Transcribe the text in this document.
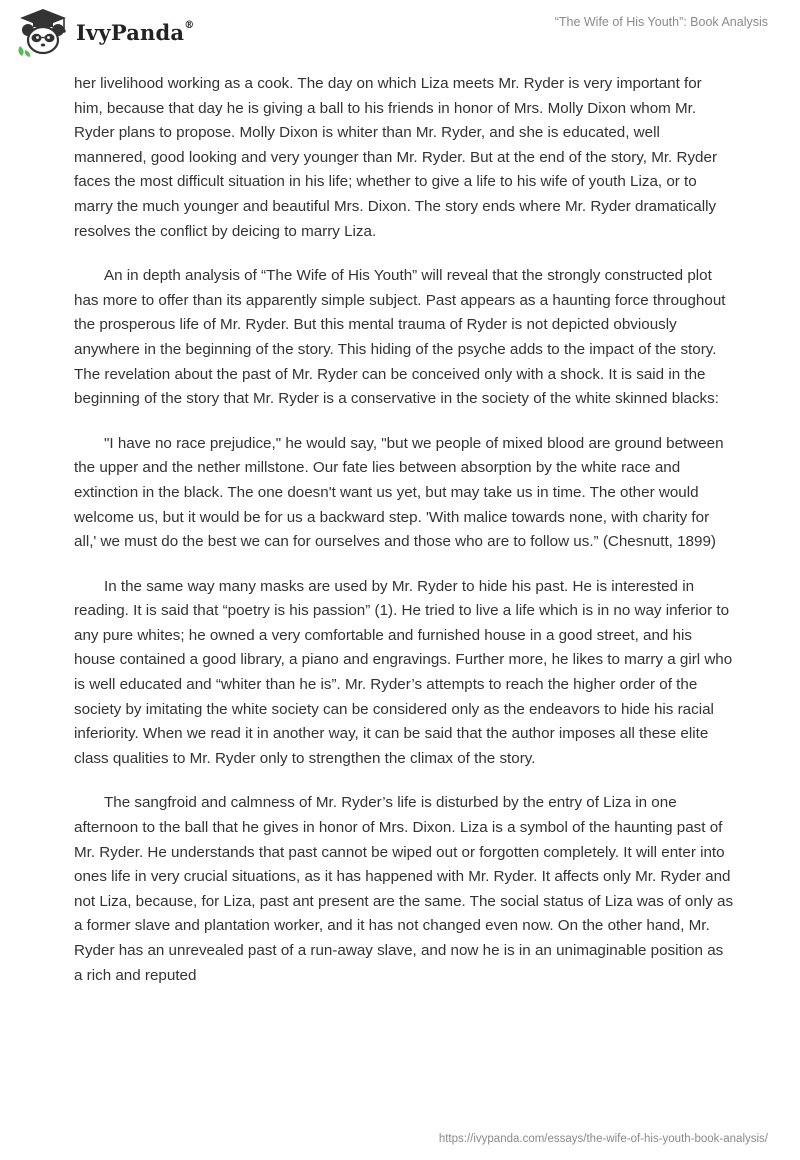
IvyPanda®	“The Wife of His Youth”: Book Analysis

her livelihood working as a cook. The day on which Liza meets Mr. Ryder is very important for him, because that day he is giving a ball to his friends in honor of Mrs. Molly Dixon whom Mr. Ryder plans to propose. Molly Dixon is whiter than Mr. Ryder, and she is educated, well mannered, good looking and very younger than Mr. Ryder. But at the end of the story, Mr. Ryder faces the most difficult situation in his life; whether to give a life to his wife of youth Liza, or to marry the much younger and beautiful Mrs. Dixon. The story ends where Mr. Ryder dramatically resolves the conflict by deicing to marry Liza.

An in depth analysis of “The Wife of His Youth” will reveal that the strongly constructed plot has more to offer than its apparently simple subject. Past appears as a haunting force throughout the prosperous life of Mr. Ryder. But this mental trauma of Ryder is not depicted obviously anywhere in the beginning of the story. This hiding of the psyche adds to the impact of the story. The revelation about the past of Mr. Ryder can be conceived only with a shock. It is said in the beginning of the story that Mr. Ryder is a conservative in the society of the white skinned blacks:

"I have no race prejudice," he would say, "but we people of mixed blood are ground between the upper and the nether millstone. Our fate lies between absorption by the white race and extinction in the black. The one doesn't want us yet, but may take us in time. The other would welcome us, but it would be for us a backward step. 'With malice towards none, with charity for all,' we must do the best we can for ourselves and those who are to follow us.” (Chesnutt, 1899)

In the same way many masks are used by Mr. Ryder to hide his past. He is interested in reading. It is said that “poetry is his passion” (1). He tried to live a life which is in no way inferior to any pure whites; he owned a very comfortable and furnished house in a good street, and his house contained a good library, a piano and engravings. Further more, he likes to marry a girl who is well educated and “whiter than he is”. Mr. Ryder’s attempts to reach the higher order of the society by imitating the white society can be considered only as the endeavors to hide his racial inferiority. When we read it in another way, it can be said that the author imposes all these elite class qualities to Mr. Ryder only to strengthen the climax of the story.

The sangfroid and calmness of Mr. Ryder’s life is disturbed by the entry of Liza in one afternoon to the ball that he gives in honor of Mrs. Dixon. Liza is a symbol of the haunting past of Mr. Ryder. He understands that past cannot be wiped out or forgotten completely. It will enter into ones life in very crucial situations, as it has happened with Mr. Ryder. It affects only Mr. Ryder and not Liza, because, for Liza, past ant present are the same. The social status of Liza was of only as a former slave and plantation worker, and it has not changed even now. On the other hand, Mr. Ryder has an unrevealed past of a run-away slave, and now he is in an unimaginable position as a rich and reputed

https://ivypanda.com/essays/the-wife-of-his-youth-book-analysis/
